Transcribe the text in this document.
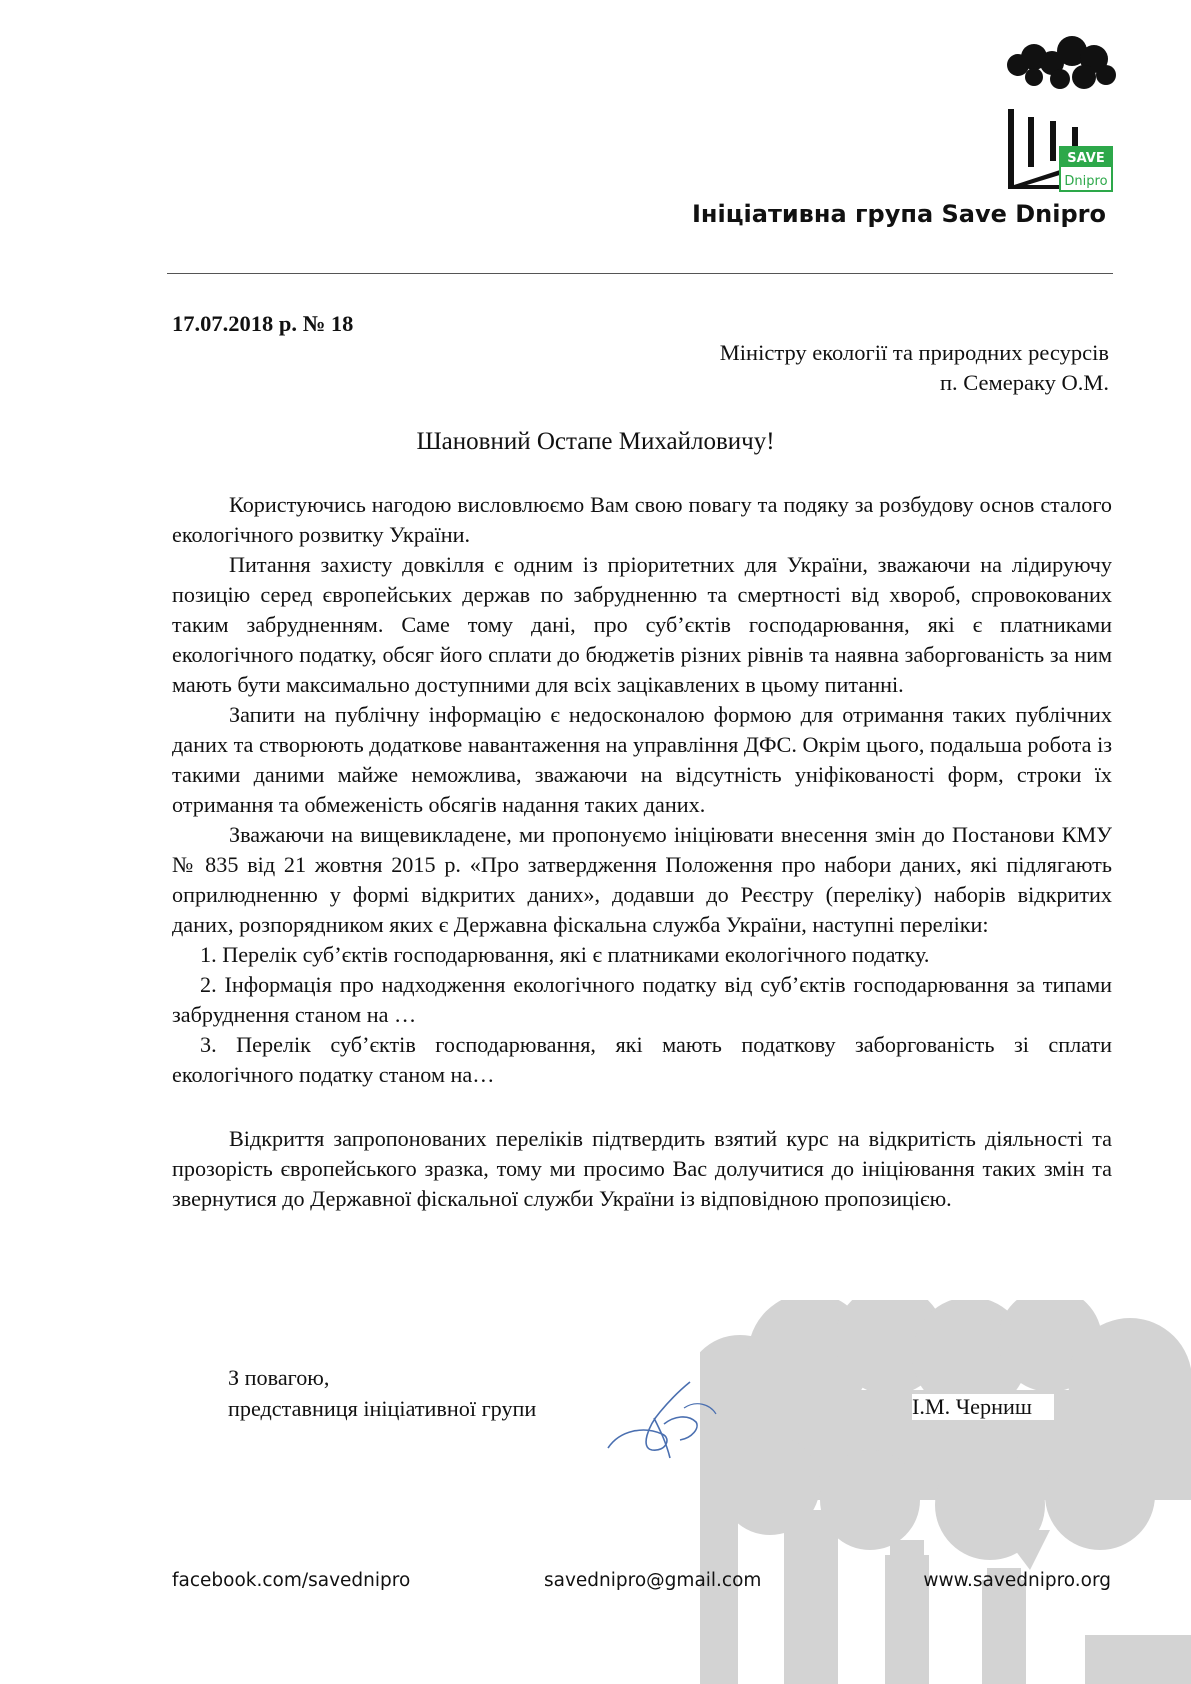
SAVE
Dnipro
Ініціативна група Save Dnipro
17.07.2018 р. № 18
Міністру екології та природних ресурсів
п. Семераку О.М.
Шановний Остапе Михайловичу!

Користуючись нагодою висловлюємо Вам свою повагу та подяку за розбудову основ сталого екологічного розвитку України.

Питання захисту довкілля є одним із пріоритетних для України, зважаючи на лідируючу позицію серед європейських держав по забрудненню та смертності від хвороб, спровокованих таким забрудненням. Саме тому дані, про суб’єктів господарювання, які є платниками екологічного податку, обсяг його сплати до бюджетів різних рівнів та наявна заборгованість за ним мають бути максимально доступними для всіх зацікавлених в цьому питанні.

Запити на публічну інформацію є недосконалою формою для отримання таких публічних даних та створюють додаткове навантаження на управління ДФС. Окрім цього, подальша робота із такими даними майже неможлива, зважаючи на відсутність уніфікованості форм, строки їх отримання та обмеженість обсягів надання таких даних.

Зважаючи на вищевикладене, ми пропонуємо ініціювати внесення змін до Постанови КМУ № 835 від 21 жовтня 2015 р. «Про затвердження Положення про набори даних, які підлягають оприлюдненню у формі відкритих даних», додавши до Реєстру (переліку) наборів відкритих даних, розпорядником яких є Державна фіскальна служба України, наступні переліки:

1. Перелік суб’єктів господарювання, які є платниками екологічного податку.
2. Інформація про надходження екологічного податку від суб’єктів господарювання за типами забруднення станом на …
3. Перелік суб’єктів господарювання, які мають податкову заборгованість зі сплати екологічного податку станом на…

Відкриття запропонованих переліків підтвердить взятий курс на відкритість діяльності та прозорість європейського зразка, тому ми просимо Вас долучитися до ініціювання таких змін та звернутися до Державної фіскальної служби України із відповідною пропозицією.

З повагою,
представниця ініціативної групи	І.М. Черниш
facebook.com/savednipro	savednipro@gmail.com	www.savednipro.org
